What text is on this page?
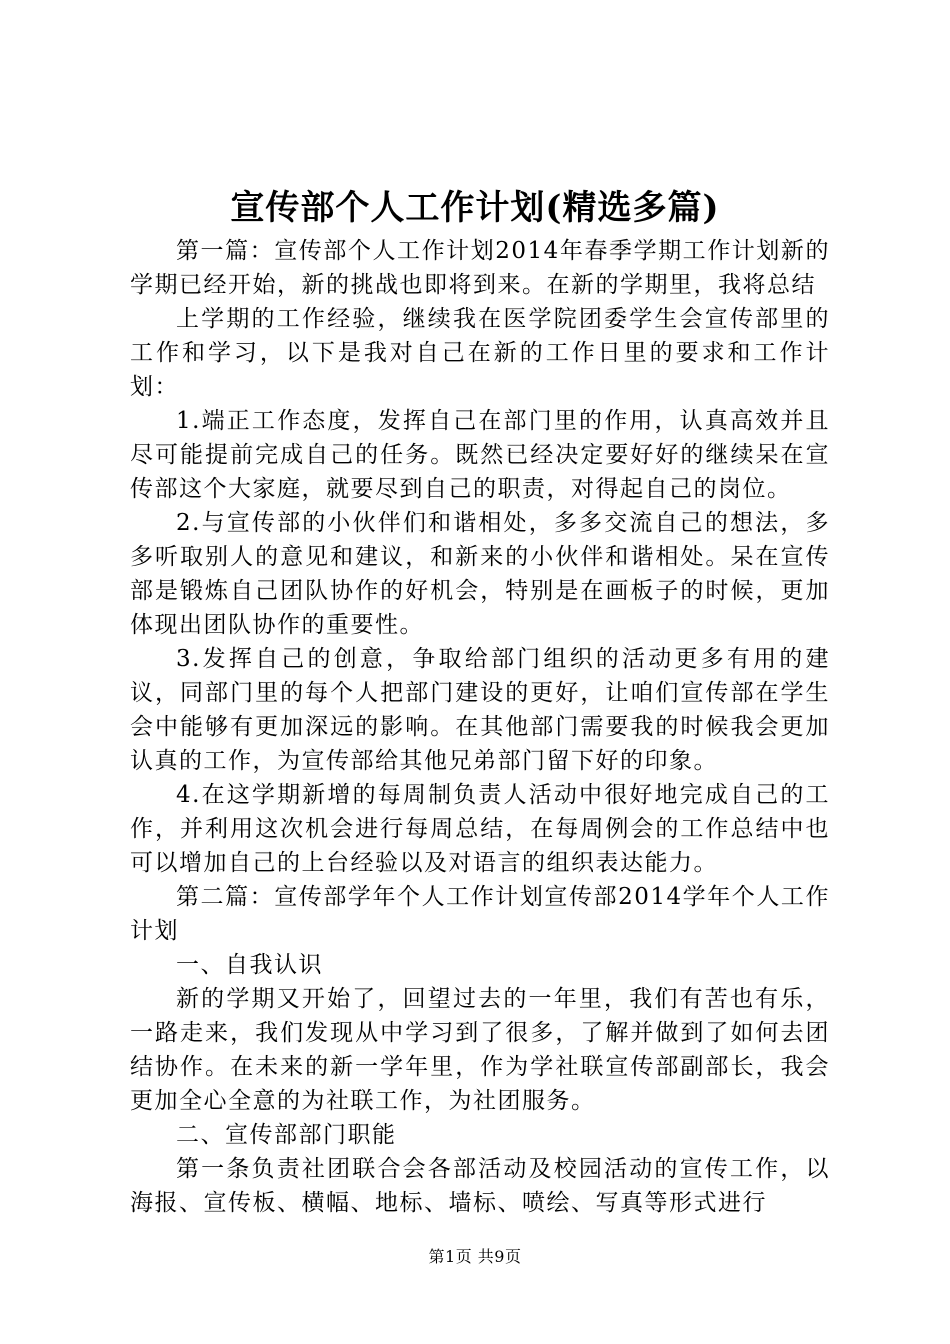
宣传部个人工作计划(精选多篇)

第一篇：宣传部个人工作计划2014年春季学期工作计划新的学期已经开始，新的挑战也即将到来。在新的学期里，我将总结

上学期的工作经验，继续我在医学院团委学生会宣传部里的工作和学习，以下是我对自己在新的工作日里的要求和工作计划：

1.端正工作态度，发挥自己在部门里的作用，认真高效并且尽可能提前完成自己的任务。既然已经决定要好好的继续呆在宣传部这个大家庭，就要尽到自己的职责，对得起自己的岗位。

2.与宣传部的小伙伴们和谐相处，多多交流自己的想法，多多听取别人的意见和建议，和新来的小伙伴和谐相处。呆在宣传部是锻炼自己团队协作的好机会，特别是在画板子的时候，更加体现出团队协作的重要性。

3.发挥自己的创意，争取给部门组织的活动更多有用的建议，同部门里的每个人把部门建设的更好，让咱们宣传部在学生会中能够有更加深远的影响。在其他部门需要我的时候我会更加认真的工作，为宣传部给其他兄弟部门留下好的印象。

4.在这学期新增的每周制负责人活动中很好地完成自己的工作，并利用这次机会进行每周总结，在每周例会的工作总结中也可以增加自己的上台经验以及对语言的组织表达能力。

第二篇：宣传部学年个人工作计划宣传部2014学年个人工作计划

一、自我认识

新的学期又开始了，回望过去的一年里，我们有苦也有乐，一路走来，我们发现从中学习到了很多，了解并做到了如何去团结协作。在未来的新一学年里，作为学社联宣传部副部长，我会更加全心全意的为社联工作，为社团服务。

二、宣传部部门职能

第一条负责社团联合会各部活动及校园活动的宣传工作，以海报、宣传板、横幅、地标、墙标、喷绘、写真等形式进行

第1页 共9页
